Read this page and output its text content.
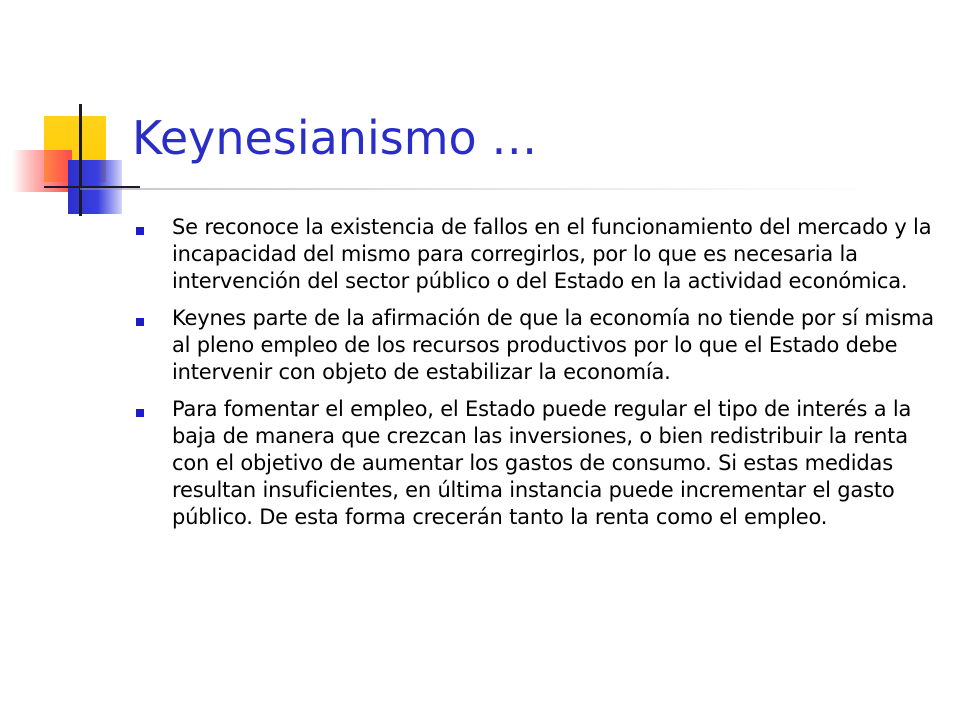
Keynesianismo …
Se reconoce la existencia de fallos en el funcionamiento del mercado y la incapacidad del mismo para corregirlos, por lo que es necesaria la intervención del sector público o del Estado en la actividad económica.
Keynes parte de la afirmación de que la economía no tiende por sí misma al pleno empleo de los recursos productivos por lo que el Estado debe intervenir con objeto de estabilizar la economía.
Para fomentar el empleo, el Estado puede regular el tipo de interés a la baja de manera que crezcan las inversiones, o bien redistribuir la renta con el objetivo de aumentar los gastos de consumo. Si estas medidas resultan insuficientes, en última instancia puede incrementar el gasto público. De esta forma crecerán tanto la renta como el empleo.
